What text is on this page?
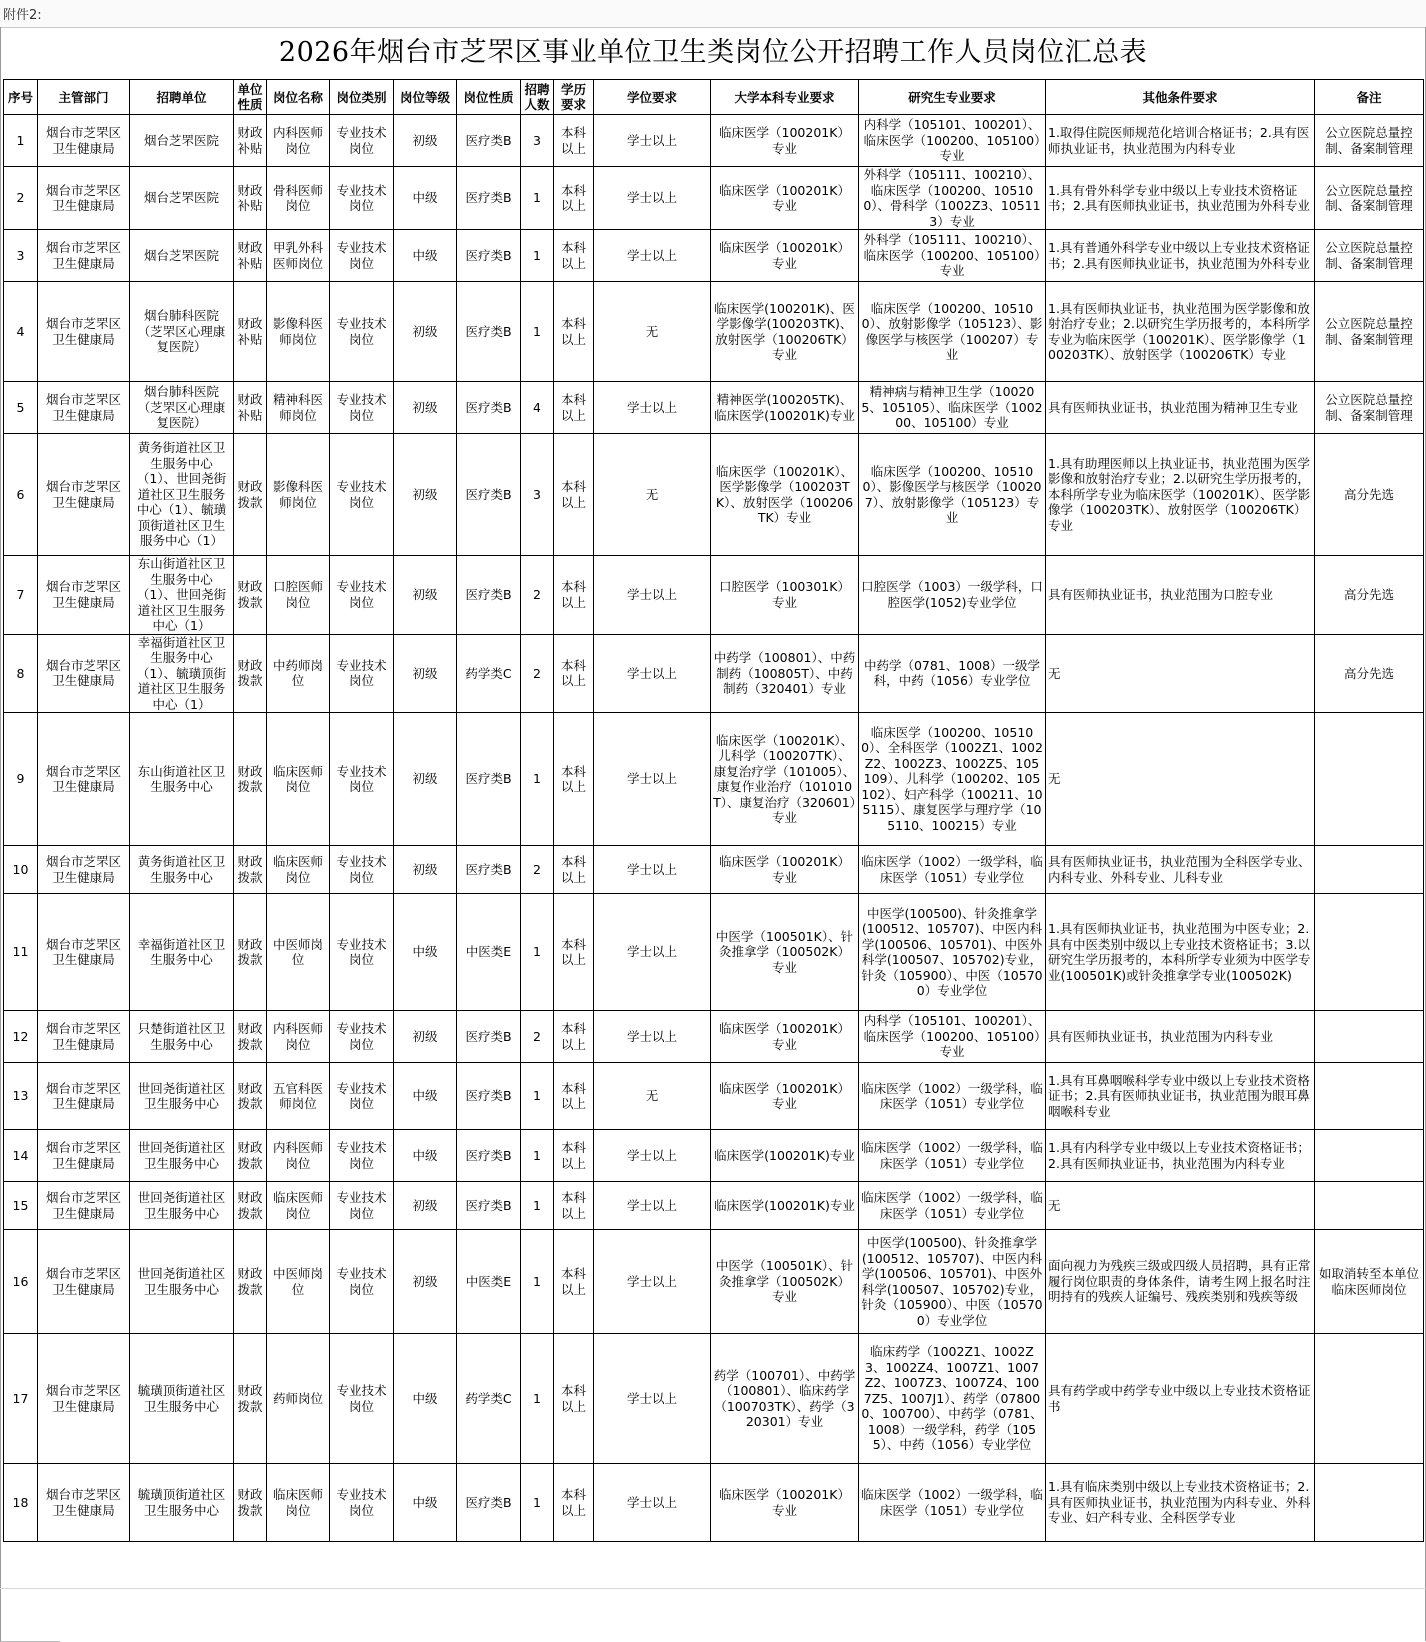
附件2:
2026年烟台市芝罘区事业单位卫生类岗位公开招聘工作人员岗位汇总表
序号	主管部门	招聘单位	单位性质	岗位名称	岗位类别	岗位等级	岗位性质	招聘人数	学历要求	学位要求	大学本科专业要求	研究生专业要求	其他条件要求	备注
1	烟台市芝罘区卫生健康局	烟台芝罘医院	财政补贴	内科医师岗位	专业技术岗位	初级	医疗类B	3	本科以上	学士以上	临床医学（100201K）专业	内科学（105101、100201）、临床医学（100200、105100）专业	1.取得住院医师规范化培训合格证书；2.具有医师执业证书，执业范围为内科专业	公立医院总量控制、备案制管理
2	烟台市芝罘区卫生健康局	烟台芝罘医院	财政补贴	骨科医师岗位	专业技术岗位	中级	医疗类B	1	本科以上	学士以上	临床医学（100201K）专业	外科学（105111、100210）、临床医学（100200、105100）、骨科学（1002Z3、105113）专业	1.具有骨外科学专业中级以上专业技术资格证书；2.具有医师执业证书，执业范围为外科专业	公立医院总量控制、备案制管理
3	烟台市芝罘区卫生健康局	烟台芝罘医院	财政补贴	甲乳外科医师岗位	专业技术岗位	中级	医疗类B	1	本科以上	学士以上	临床医学（100201K）专业	外科学（105111、100210）、临床医学（100200、105100）专业	1.具有普通外科学专业中级以上专业技术资格证书；2.具有医师执业证书，执业范围为外科专业	公立医院总量控制、备案制管理
4	烟台市芝罘区卫生健康局	烟台肺科医院（芝罘区心理康复医院）	财政补贴	影像科医师岗位	专业技术岗位	初级	医疗类B	1	本科以上	无	临床医学(100201K)、医学影像学(100203TK)、放射医学（100206TK）专业	临床医学（100200、105100）、放射影像学（105123）、影像医学与核医学（100207）专业	1.具有医师执业证书，执业范围为医学影像和放射治疗专业；2.以研究生学历报考的，本科所学专业为临床医学（100201K）、医学影像学（100203TK）、放射医学（100206TK）专业	公立医院总量控制、备案制管理
5	烟台市芝罘区卫生健康局	烟台肺科医院（芝罘区心理康复医院）	财政补贴	精神科医师岗位	专业技术岗位	初级	医疗类B	4	本科以上	学士以上	精神医学(100205TK)、临床医学(100201K)专业	精神病与精神卫生学（100205、105105）、临床医学（100200、105100）专业	具有医师执业证书，执业范围为精神卫生专业	公立医院总量控制、备案制管理
6	烟台市芝罘区卫生健康局	黄务街道社区卫生服务中心（1）、世回尧街道社区卫生服务中心（1）、毓璜顶街道社区卫生服务中心（1）	财政拨款	影像科医师岗位	专业技术岗位	初级	医疗类B	3	本科以上	无	临床医学（100201K）、医学影像学（100203TK）、放射医学（100206TK）专业	临床医学（100200、105100）、影像医学与核医学（100207）、放射影像学（105123）专业	1.具有助理医师以上执业证书，执业范围为医学影像和放射治疗专业；2.以研究生学历报考的，本科所学专业为临床医学（100201K）、医学影像学（100203TK）、放射医学（100206TK）专业	高分先选
7	烟台市芝罘区卫生健康局	东山街道社区卫生服务中心（1）、世回尧街道社区卫生服务中心（1）	财政拨款	口腔医师岗位	专业技术岗位	初级	医疗类B	2	本科以上	学士以上	口腔医学（100301K）专业	口腔医学（1003）一级学科，口腔医学(1052)专业学位	具有医师执业证书，执业范围为口腔专业	高分先选
8	烟台市芝罘区卫生健康局	幸福街道社区卫生服务中心（1）、毓璜顶街道社区卫生服务中心（1）	财政拨款	中药师岗位	专业技术岗位	初级	药学类C	2	本科以上	学士以上	中药学（100801）、中药制药（100805T）、中药制药（320401）专业	中药学（0781、1008）一级学科，中药（1056）专业学位	无	高分先选
9	烟台市芝罘区卫生健康局	东山街道社区卫生服务中心	财政拨款	临床医师岗位	专业技术岗位	初级	医疗类B	1	本科以上	学士以上	临床医学（100201K）、儿科学（100207TK）、康复治疗学（101005）、康复作业治疗（101010T）、康复治疗（320601）专业	临床医学（100200、105100）、全科医学（1002Z1、1002Z2、1002Z3、1002Z5、105109）、儿科学（100202、105102）、妇产科学（100211、105115）、康复医学与理疗学（105110、100215）专业	无	
10	烟台市芝罘区卫生健康局	黄务街道社区卫生服务中心	财政拨款	临床医师岗位	专业技术岗位	初级	医疗类B	2	本科以上	学士以上	临床医学（100201K）专业	临床医学（1002）一级学科，临床医学（1051）专业学位	具有医师执业证书，执业范围为全科医学专业、内科专业、外科专业、儿科专业	
11	烟台市芝罘区卫生健康局	幸福街道社区卫生服务中心	财政拨款	中医师岗位	专业技术岗位	中级	中医类E	1	本科以上	学士以上	中医学（100501K）、针灸推拿学（100502K）专业	中医学(100500)、针灸推拿学(100512、105707)、中医内科学(100506、105701)、中医外科学(100507、105702)专业，针灸（105900）、中医（105700）专业学位	1.具有医师执业证书，执业范围为中医专业；2.具有中医类别中级以上专业技术资格证书；3.以研究生学历报考的，本科所学专业须为中医学专业(100501K)或针灸推拿学专业(100502K)	
12	烟台市芝罘区卫生健康局	只楚街道社区卫生服务中心	财政拨款	内科医师岗位	专业技术岗位	初级	医疗类B	2	本科以上	学士以上	临床医学（100201K）专业	内科学（105101、100201）、临床医学（100200、105100）专业	具有医师执业证书，执业范围为内科专业	
13	烟台市芝罘区卫生健康局	世回尧街道社区卫生服务中心	财政拨款	五官科医师岗位	专业技术岗位	中级	医疗类B	1	本科以上	无	临床医学（100201K）专业	临床医学（1002）一级学科，临床医学（1051）专业学位	1.具有耳鼻咽喉科学专业中级以上专业技术资格证书；2.具有医师执业证书，执业范围为眼耳鼻咽喉科专业	
14	烟台市芝罘区卫生健康局	世回尧街道社区卫生服务中心	财政拨款	内科医师岗位	专业技术岗位	中级	医疗类B	1	本科以上	学士以上	临床医学(100201K)专业	临床医学（1002）一级学科，临床医学（1051）专业学位	1.具有内科学专业中级以上专业技术资格证书；2.具有医师执业证书，执业范围为内科专业	
15	烟台市芝罘区卫生健康局	世回尧街道社区卫生服务中心	财政拨款	临床医师岗位	专业技术岗位	初级	医疗类B	1	本科以上	学士以上	临床医学(100201K)专业	临床医学（1002）一级学科，临床医学（1051）专业学位	无	
16	烟台市芝罘区卫生健康局	世回尧街道社区卫生服务中心	财政拨款	中医师岗位	专业技术岗位	初级	中医类E	1	本科以上	学士以上	中医学（100501K）、针灸推拿学（100502K）专业	中医学(100500)、针灸推拿学(100512、105707)、中医内科学(100506、105701)、中医外科学(100507、105702)专业，针灸（105900）、中医（105700）专业学位	面向视力为残疾三级或四级人员招聘，具有正常履行岗位职责的身体条件，请考生网上报名时注明持有的残疾人证编号、残疾类别和残疾等级	如取消转至本单位临床医师岗位
17	烟台市芝罘区卫生健康局	毓璜顶街道社区卫生服务中心	财政拨款	药师岗位	专业技术岗位	中级	药学类C	1	本科以上	学士以上	药学（100701）、中药学（100801）、临床药学（100703TK）、药学（320301）专业	临床药学（1002Z1、1002Z3、1002Z4、1007Z1、1007Z2、1007Z3、1007Z4、1007Z5、1007J1）、药学（078000、100700）、中药学（0781、1008）一级学科，药学（1055）、中药（1056）专业学位	具有药学或中药学专业中级以上专业技术资格证书	
18	烟台市芝罘区卫生健康局	毓璜顶街道社区卫生服务中心	财政拨款	临床医师岗位	专业技术岗位	中级	医疗类B	1	本科以上	学士以上	临床医学（100201K）专业	临床医学（1002）一级学科，临床医学（1051）专业学位	1.具有临床类别中级以上专业技术资格证书；2.具有医师执业证书，执业范围为内科专业、外科专业、妇产科专业、全科医学专业	
